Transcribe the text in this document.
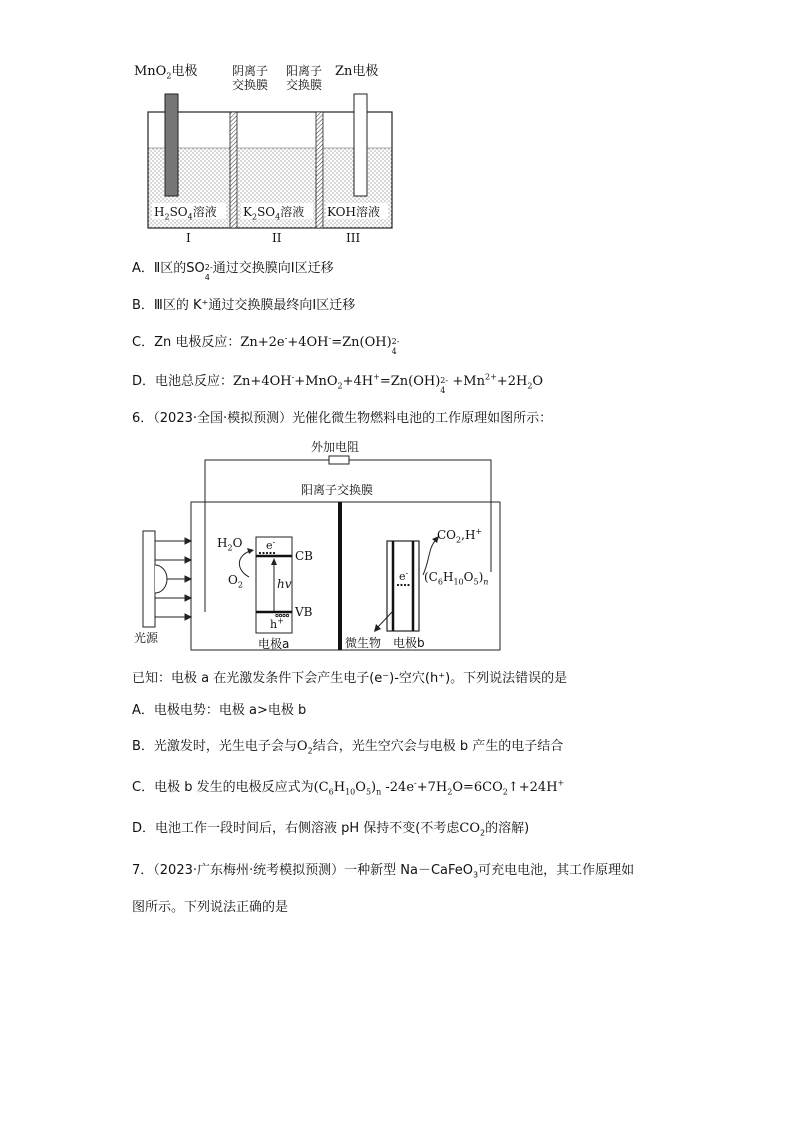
MnO$_2$电极	阴离子
交换膜
阳离子
交换膜
Zn电极
$H_2SO_4$溶液 $K_2SO_4$溶液 KOH溶液
I	II	III
A．Ⅱ区的SO 2-
4
通过交换膜向Ⅰ区迁移
B．Ⅲ区的 K⁺通过交换膜最终向Ⅰ区迁移
C．Zn 电极反应：Zn+2e-+4OH-=Zn(OH) 2-
4
D．电池总反应：Zn+4OH-+MnO$_2$+4H+=Zn(OH) 2-
4
$+Mn^{2+}+2H_2O$
6．（2023·全国·模拟预测）光催化微生物燃料电池的工作原理如图所示：
外加电阻
阳离子交换膜
$H_2O$
$O_2$
e-
CB
hv
VB
h+
$CO_2,H^+$
e- $(C_6H_{10}O_5)_n$
光源	电极a	微生物 电极b
已知：电极 a 在光激发条件下会产生电子(e⁻)-空穴(h⁺)。下列说法错误的是
A．电极电势：电极 a>电极 b
B．光激发时，光生电子会与$O_2$结合，光生空穴会与电极 b 产生的电子结合
C．电极 b 发生的电极反应式为$(C_6H_{10}O_5)_n$ $-24e^-+7H_2O=6CO_2↑+24H^+$
D．电池工作一段时间后，右侧溶液 pH 保持不变(不考虑$CO_2$的溶解)
7．（2023·广东梅州·统考模拟预测）一种新型 Na－CaFeO$_3$可充电电池，其工作原理如
图所示。下列说法正确的是
